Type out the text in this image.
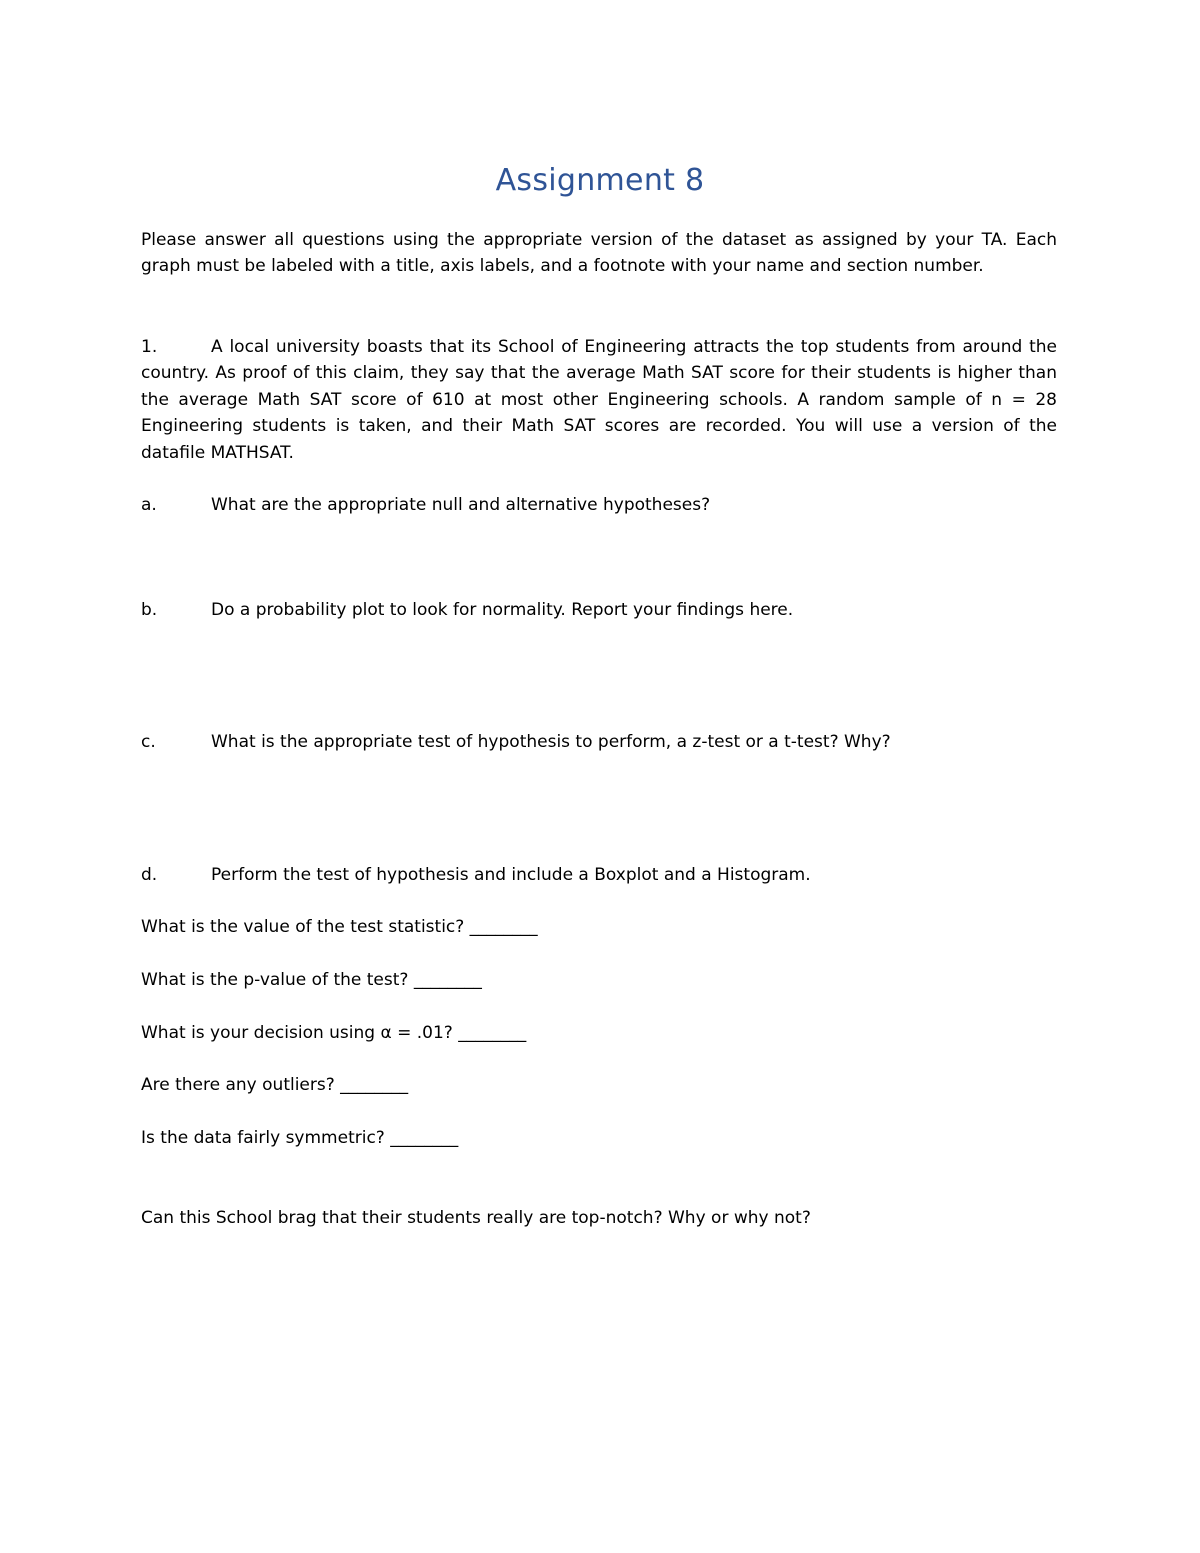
Assignment 8
Please answer all questions using the appropriate version of the dataset as assigned by your TA. Each graph must be labeled with a title, axis labels, and a footnote with your name and section number.
1.	A local university boasts that its School of Engineering attracts the top students from around the country. As proof of this claim, they say that the average Math SAT score for their students is higher than the average Math SAT score of 610 at most other Engineering schools. A random sample of n = 28 Engineering students is taken, and their Math SAT scores are recorded. You will use a version of the datafile MATHSAT.
a.	What are the appropriate null and alternative hypotheses?
b.	Do a probability plot to look for normality. Report your findings here.
c.	What is the appropriate test of hypothesis to perform, a z-test or a t-test? Why?
d.	Perform the test of hypothesis and include a Boxplot and a Histogram.
What is the value of the test statistic? ________
What is the p-value of the test? ________
What is your decision using α = .01? ________
Are there any outliers? ________
Is the data fairly symmetric? ________
Can this School brag that their students really are top-notch? Why or why not?
